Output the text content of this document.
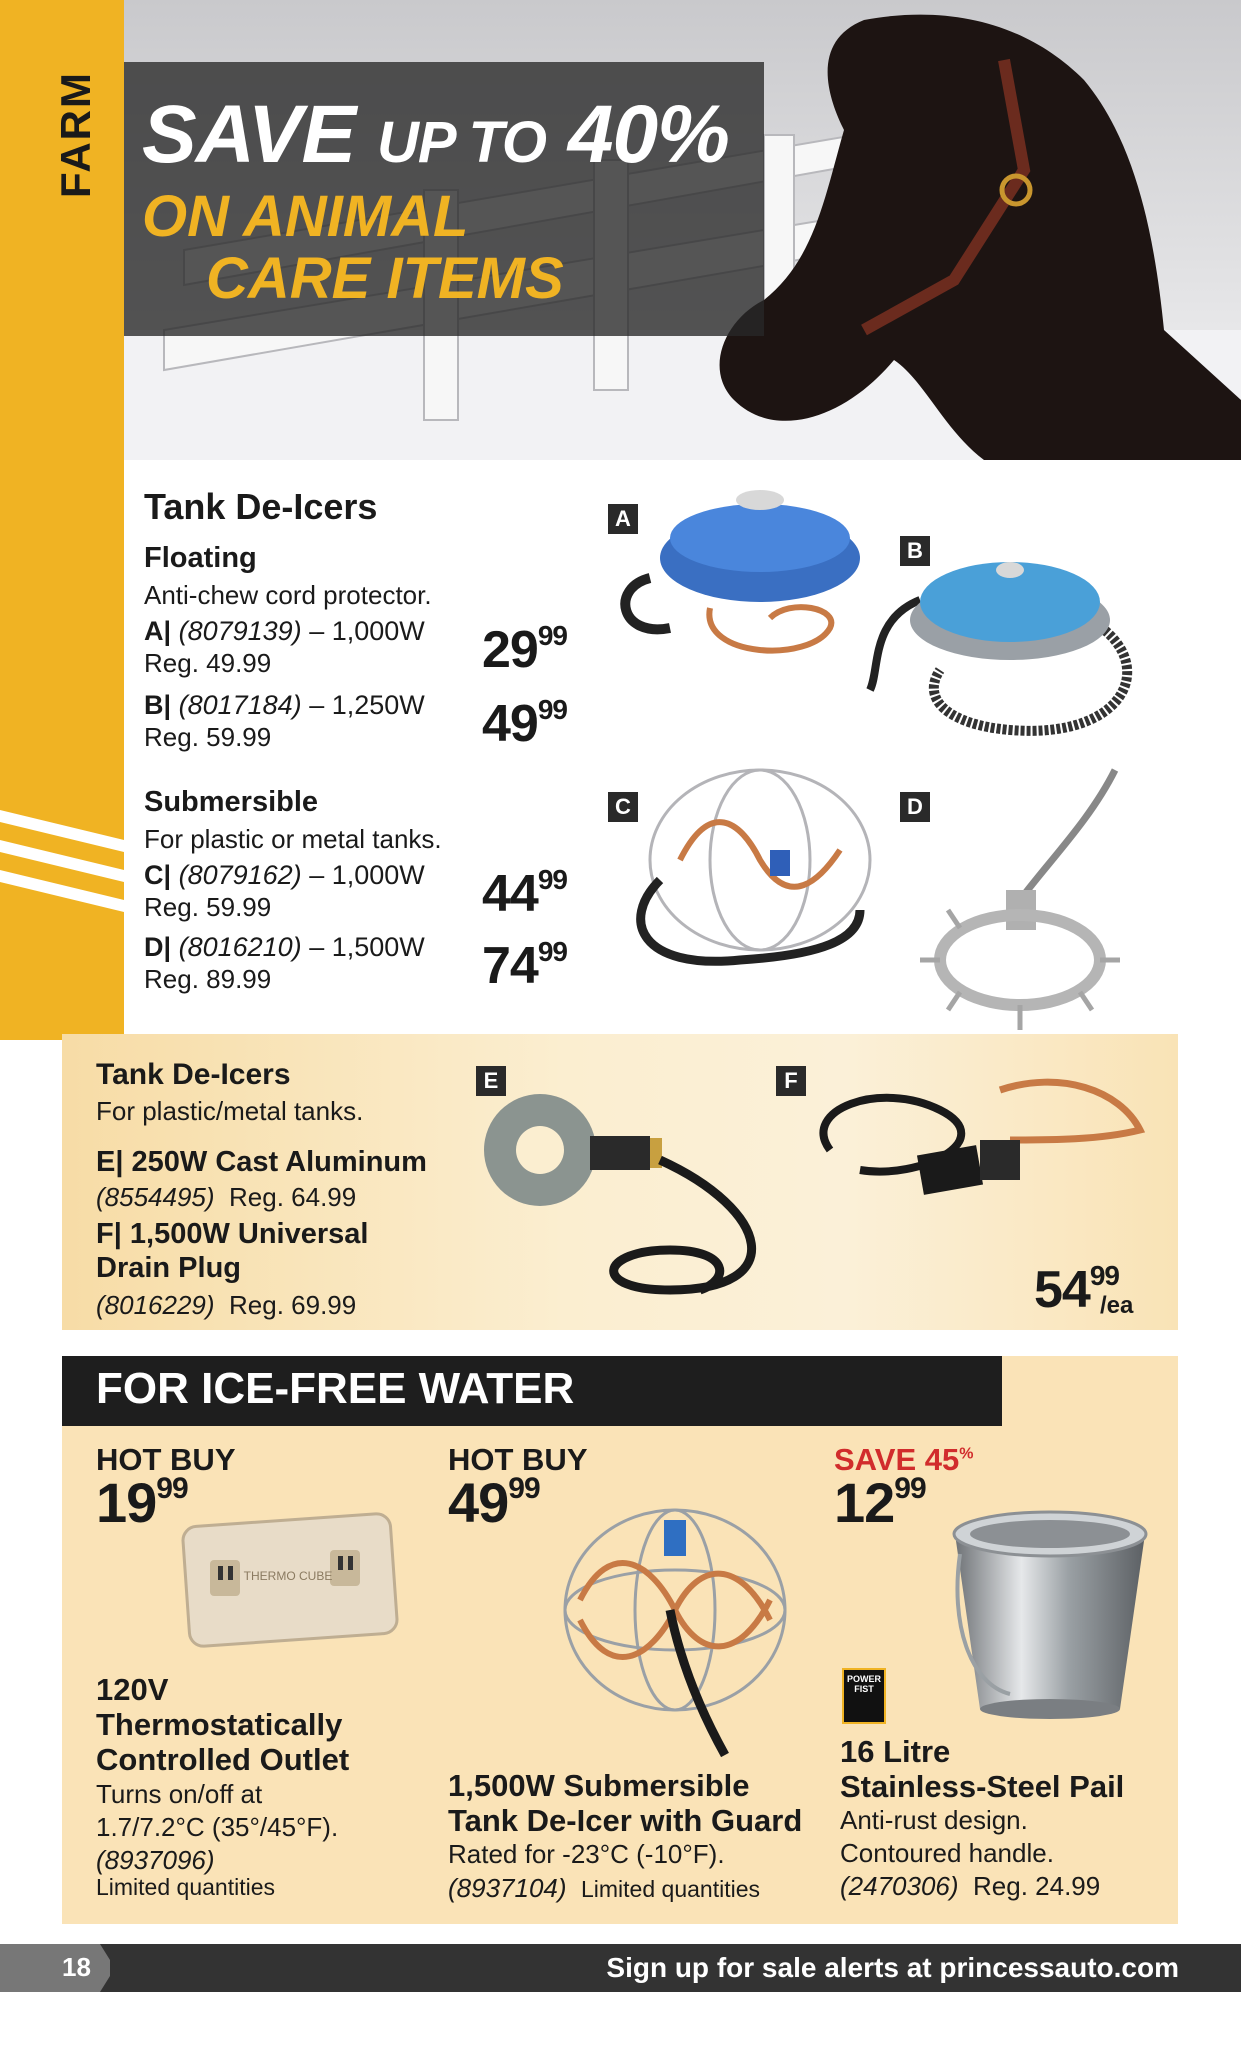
FARM SAVE UP TO 40%
ON ANIMAL
CARE ITEMS
Tank De-Icers
Floating
Anti-chew cord protector.
A| (8079139) – 1,000W
Reg. 49.99	$29^{99}$
B| (8017184) – 1,250W
Reg. 59.99	$49^{99}$
Submersible
For plastic or metal tanks.
C| (8079162) – 1,000W
Reg. 59.99	$44^{99}$
D| (8016210) – 1,500W
Reg. 89.99	$74^{99}$
A
B
C	D
Tank De-Icers
For plastic/metal tanks.
E| 250W Cast Aluminum
(8554495) Reg. 64.99
F| 1,500W Universal
Drain Plug
(8016229) Reg. 69.99
E	F
$54^{99}$
/ea
FOR ICE-FREE WATER
HOT BUY
$19^{99}$
THERMO CUBE
120V
Thermostatically
Controlled Outlet
Turns on/off at
1.7/7.2°C (35°/45°F).
(8937096)
Limited quantities
HOT BUY
$49^{99}$
1,500W Submersible
Tank De-Icer with Guard
Rated for -23°C (-10°F).
(8937104) Limited quantities
SAVE 45%
$12^{99}$
POWER
FIST
16 Litre
Stainless-Steel Pail
Anti-rust design.
Contoured handle.
(2470306) Reg. 24.99
18	Sign up for sale alerts at princessauto.com
